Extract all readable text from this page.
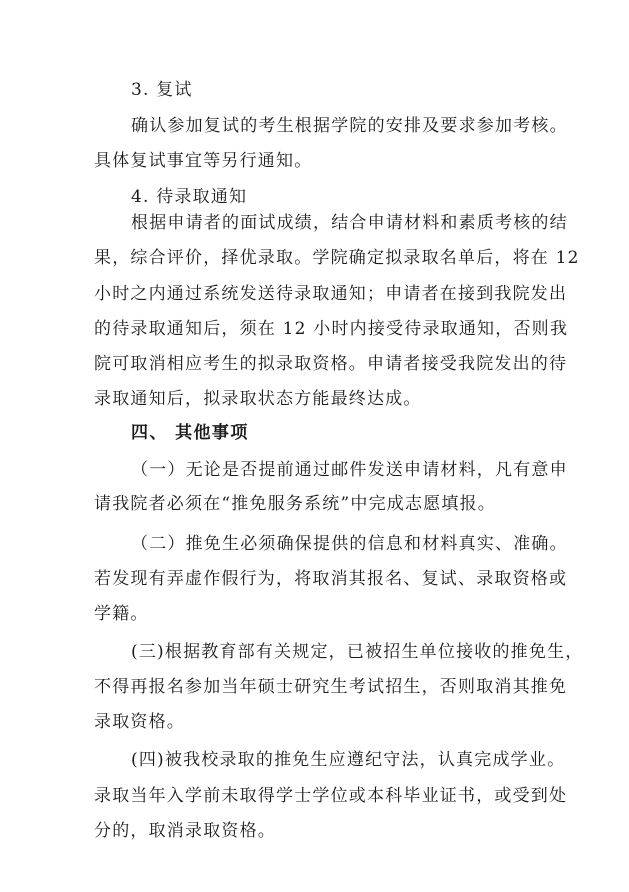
3. 复试
确认参加复试的考生根据学院的安排及要求参加考核。
具体复试事宜等另行通知。
4. 待录取通知
根据申请者的面试成绩，结合申请材料和素质考核的结
果，综合评价，择优录取。学院确定拟录取名单后，将在 12
小时之内通过系统发送待录取通知；申请者在接到我院发出
的待录取通知后，须在 12 小时内接受待录取通知，否则我
院可取消相应考生的拟录取资格。申请者接受我院发出的待
录取通知后，拟录取状态方能最终达成。
四、 其他事项
（一）无论是否提前通过邮件发送申请材料，凡有意申
请我院者必须在“推免服务系统”中完成志愿填报。
（二）推免生必须确保提供的信息和材料真实、准确。
若发现有弄虚作假行为，将取消其报名、复试、录取资格或
学籍。
(三)根据教育部有关规定，已被招生单位接收的推免生，
不得再报名参加当年硕士研究生考试招生，否则取消其推免
录取资格。
(四)被我校录取的推免生应遵纪守法，认真完成学业。
录取当年入学前未取得学士学位或本科毕业证书，或受到处
分的，取消录取资格。
